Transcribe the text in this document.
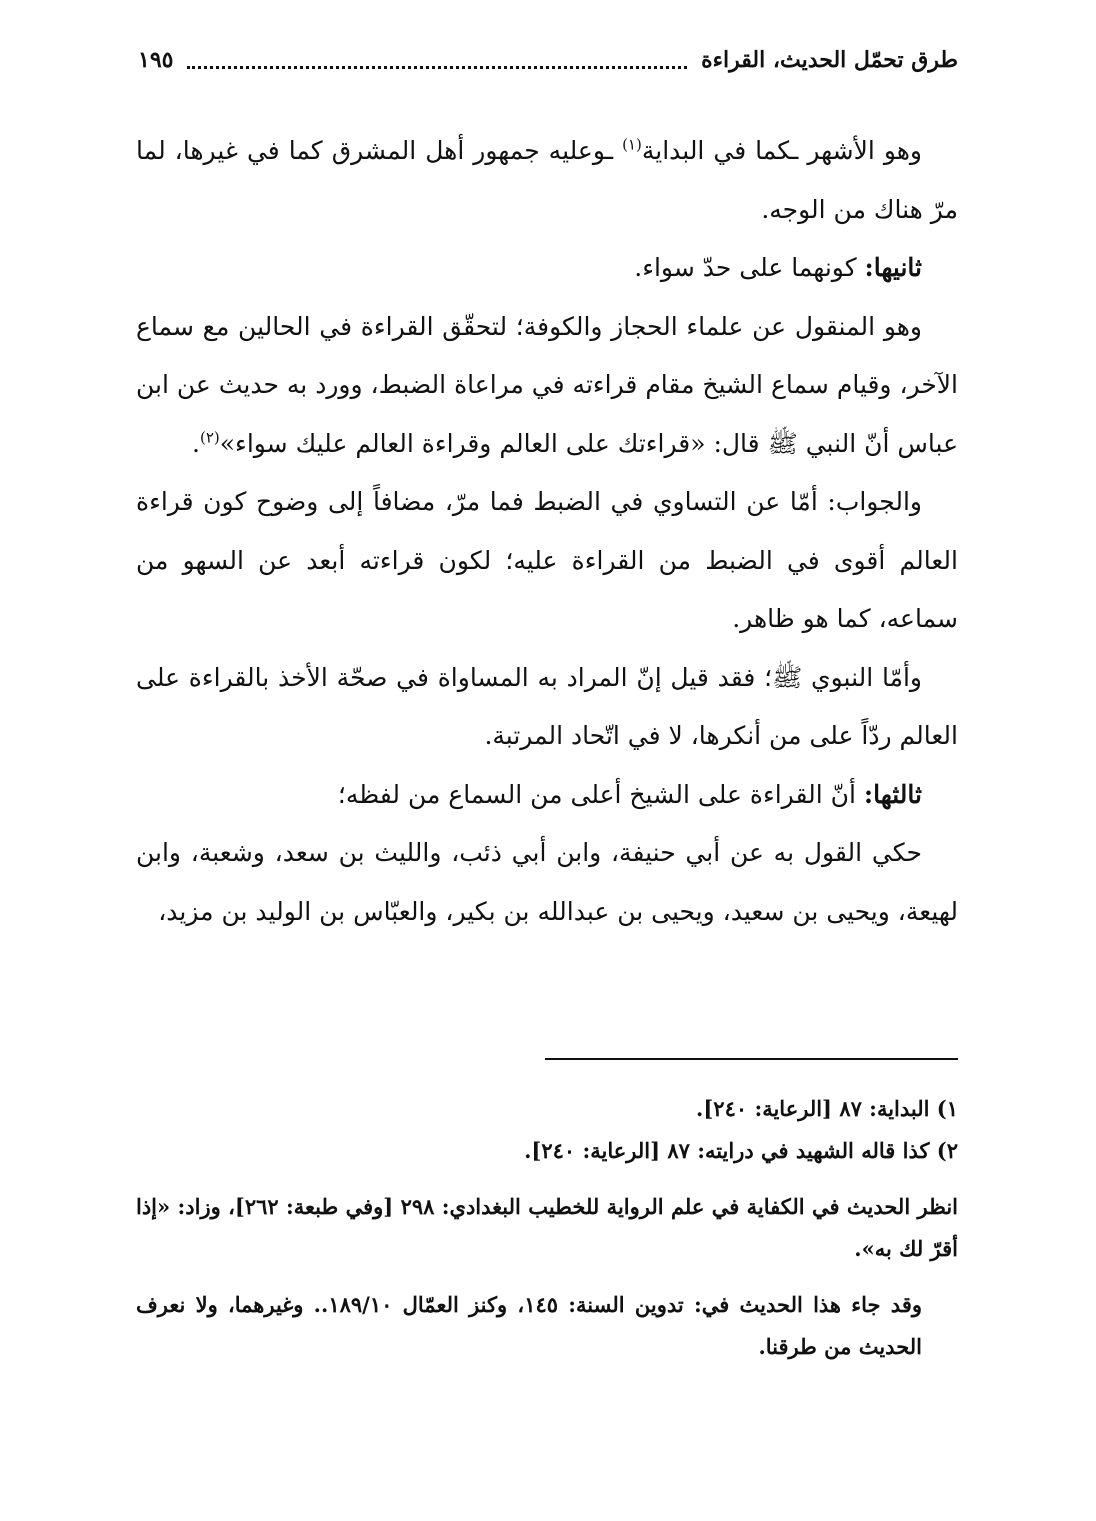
طرق تحمّل الحديث، القراءة
١٩٥

وهو الأشهر ـكما في البداية$^{(١)}$ ـوعليه جمهور أهل المشرق كما في غيرها، لما مرّ هناك من الوجه.

ثانيها: كونهما على حدّ سواء.

وهو المنقول عن علماء الحجاز والكوفة؛ لتحقّق القراءة في الحالين مع سماع الآخر، وقيام سماع الشيخ مقام قراءته في مراعاة الضبط، وورد به حديث عن ابن عباس أنّ النبي ﷺ قال: «قراءتك على العالم وقراءة العالم عليك سواء»$^{(٢)}$.

والجواب: أمّا عن التساوي في الضبط فما مرّ، مضافاً إلى وضوح كون قراءة العالم أقوى في الضبط من القراءة عليه؛ لكون قراءته أبعد عن السهو من سماعه، كما هو ظاهر.

وأمّا النبوي ﷺ؛ فقد قيل إنّ المراد به المساواة في صحّة الأخذ بالقراءة على العالم ردّاً على من أنكرها، لا في اتّحاد المرتبة.

ثالثها: أنّ القراءة على الشيخ أعلى من السماع من لفظه؛

حكي القول به عن أبي حنيفة، وابن أبي ذئب، والليث بن سعد، وشعبة، وابن لهيعة، ويحيى بن سعيد، ويحيى بن عبدالله بن بكير، والعبّاس بن الوليد بن مزيد،

١) البداية: ٨٧ [الرعاية: ٢٤٠].

٢) كذا قاله الشهيد في درايته: ٨٧ [الرعاية: ٢٤٠].

انظر الحديث في الكفاية في علم الرواية للخطيب البغدادي: ٢٩٨ [وفي طبعة: ٢٦٢]، وزاد: «إذا أقرّ لك به».

وقد جاء هذا الحديث في: تدوين السنة: ١٤٥، وكنز العمّال ١٨٩/١٠.. وغيرهما، ولا نعرف الحديث من طرقنا.
